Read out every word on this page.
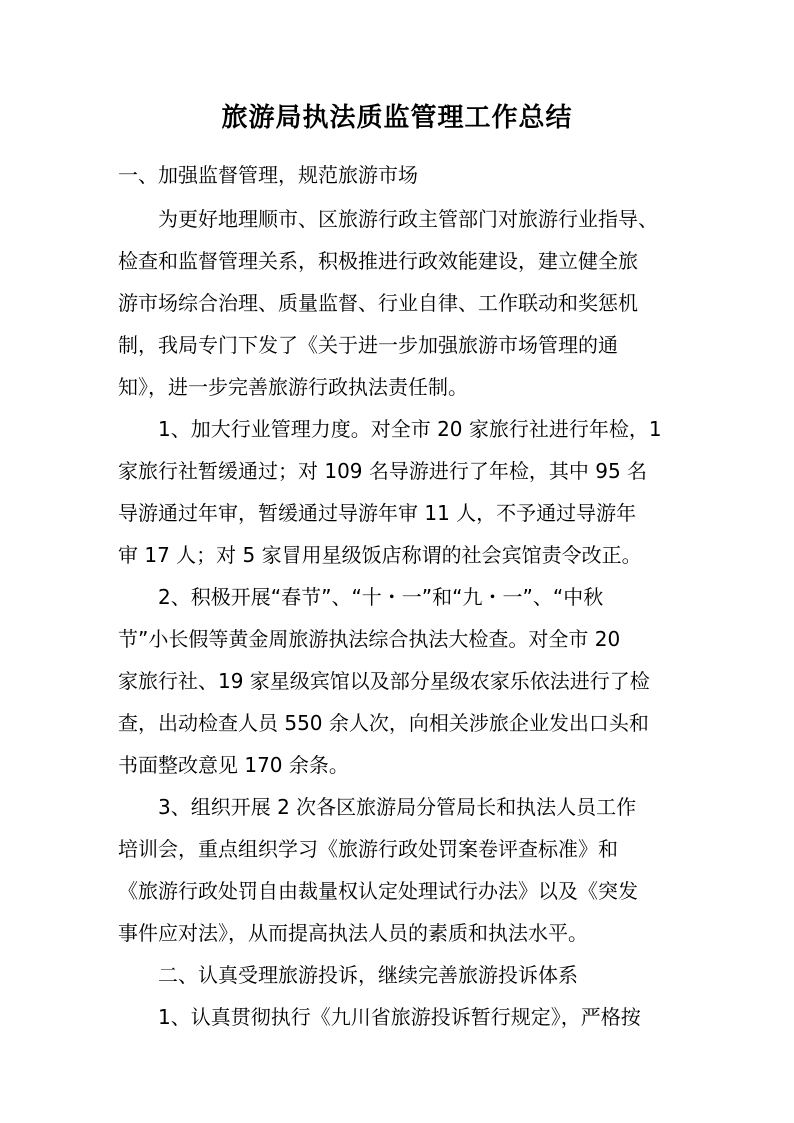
旅游局执法质监管理工作总结
一、加强监督管理，规范旅游市场
为更好地理顺市、区旅游行政主管部门对旅游行业指导、
检查和监督管理关系，积极推进行政效能建设，建立健全旅
游市场综合治理、质量监督、行业自律、工作联动和奖惩机
制，我局专门下发了《关于进一步加强旅游市场管理的通
知》，进一步完善旅游行政执法责任制。
1、加大行业管理力度。对全市 20 家旅行社进行年检，1
家旅行社暂缓通过；对 109 名导游进行了年检，其中 95 名
导游通过年审，暂缓通过导游年审 11 人，不予通过导游年
审 17 人；对 5 家冒用星级饭店称谓的社会宾馆责令改正。
2、积极开展“春节”、“十・一”和“九・一”、“中秋
节”小长假等黄金周旅游执法综合执法大检查。对全市 20
家旅行社、19 家星级宾馆以及部分星级农家乐依法进行了检
查，出动检查人员 550 余人次，向相关涉旅企业发出口头和
书面整改意见 170 余条。
3、组织开展 2 次各区旅游局分管局长和执法人员工作
培训会，重点组织学习《旅游行政处罚案卷评查标准》和
《旅游行政处罚自由裁量权认定处理试行办法》以及《突发
事件应对法》，从而提高执法人员的素质和执法水平。
二、认真受理旅游投诉，继续完善旅游投诉体系
1、认真贯彻执行《九川省旅游投诉暂行规定》，严格按
